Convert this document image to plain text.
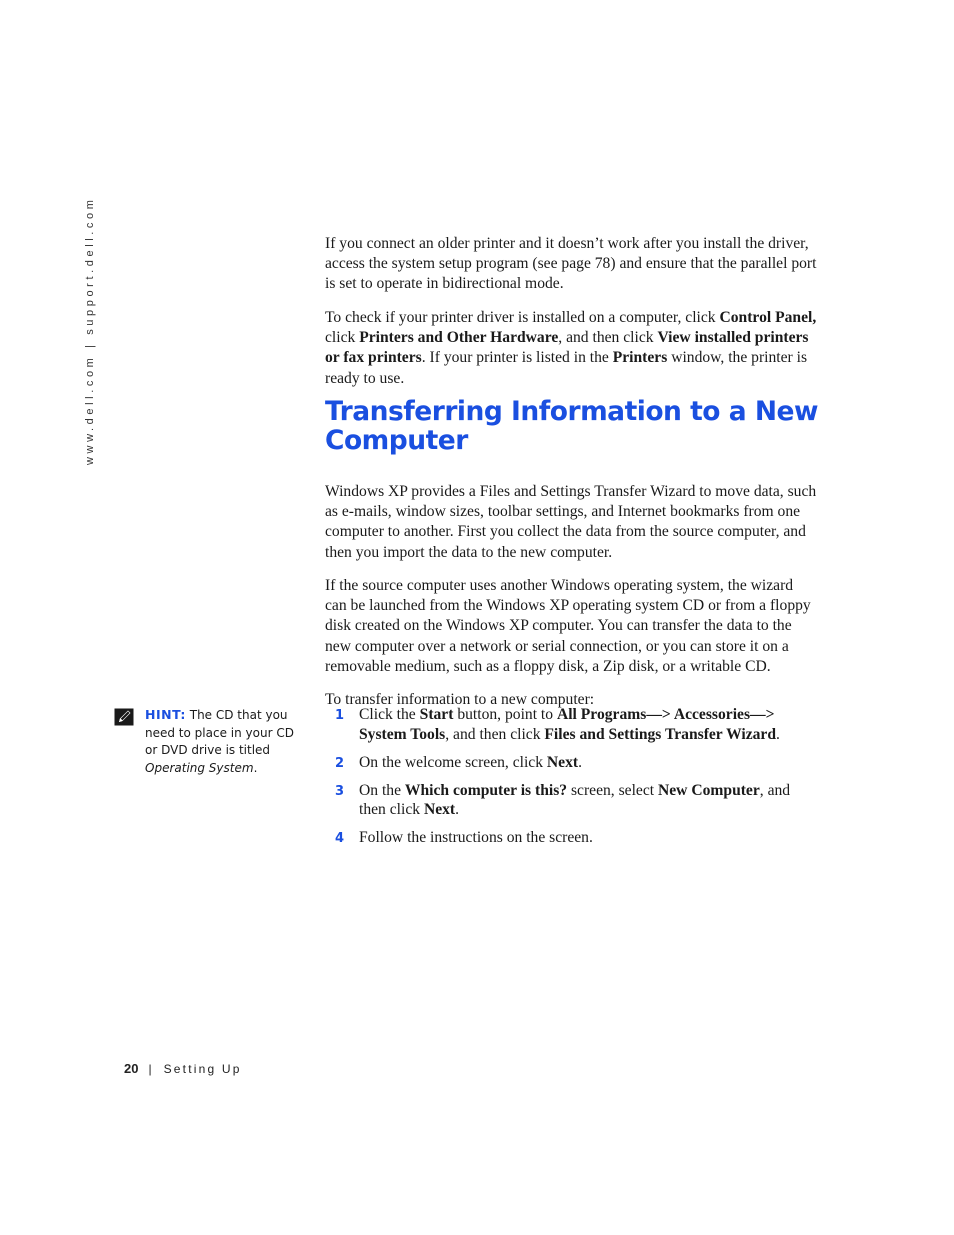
www.dell.com | support.dell.com	If you connect an older printer and it doesn’t work after you install the driver, access the system setup program (see page 78) and ensure that the parallel port is set to operate in bidirectional mode.

To check if your printer driver is installed on a computer, click Control Panel, click Printers and Other Hardware, and then click View installed printers or fax printers. If your printer is listed in the Printers window, the printer is ready to use.

Transferring Information to a New Computer

Windows XP provides a Files and Settings Transfer Wizard to move data, such as e-mails, window sizes, toolbar settings, and Internet bookmarks from one computer to another. First you collect the data from the source computer, and then you import the data to the new computer.

If the source computer uses another Windows operating system, the wizard can be launched from the Windows XP operating system CD or from a floppy disk created on the Windows XP computer. You can transfer the data to the new computer over a network or serial connection, or you can store it on a removable medium, such as a floppy disk, a Zip disk, or a writable CD.

To transfer information to a new computer:

1 Click the Start button, point to All Programs—> Accessories—> System Tools, and then click Files and Settings Transfer Wizard.
2 On the welcome screen, click Next.
3 On the Which computer is this? screen, select New Computer, and then click Next.
4 Follow the instructions on the screen.
HINT: The CD that you need to place in your CD or DVD drive is titled Operating System.
20 | Setting Up
